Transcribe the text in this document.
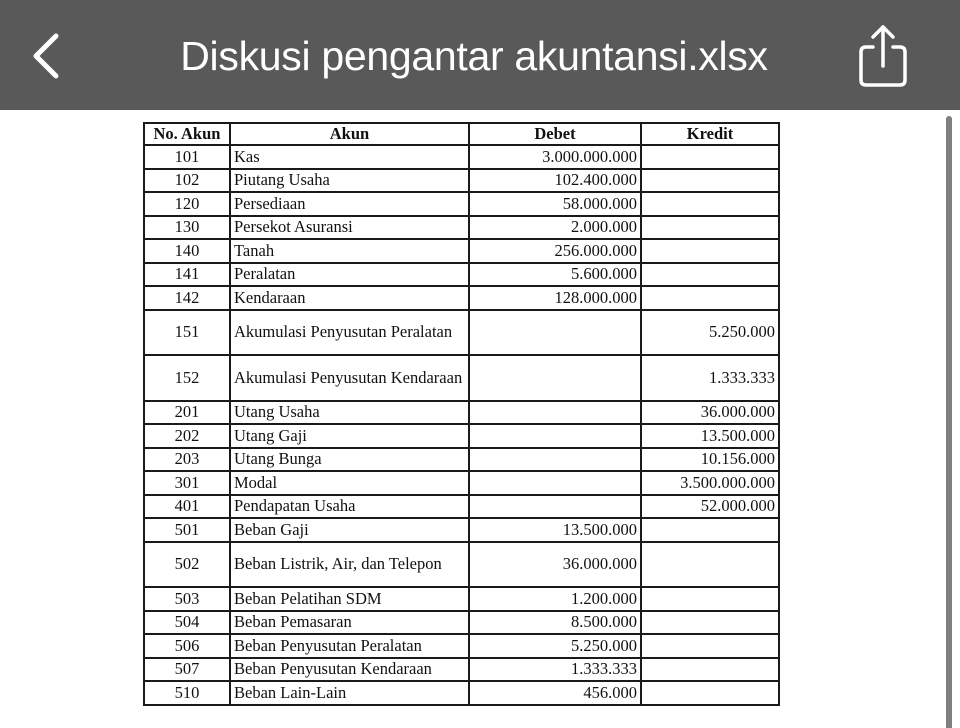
Diskusi pengantar akuntansi.xlsx
No. Akun	Akun	Debet	Kredit
101	Kas	3.000.000.000	
102	Piutang Usaha	102.400.000	
120	Persediaan	58.000.000	
130	Persekot Asuransi	2.000.000	
140	Tanah	256.000.000	
141	Peralatan	5.600.000	
142	Kendaraan	128.000.000	
151	Akumulasi Penyusutan Peralatan		5.250.000
152	Akumulasi Penyusutan Kendaraan		1.333.333
201	Utang Usaha		36.000.000
202	Utang Gaji		13.500.000
203	Utang Bunga		10.156.000
301	Modal		3.500.000.000
401	Pendapatan Usaha		52.000.000
501	Beban Gaji	13.500.000	
502	Beban Listrik, Air, dan Telepon	36.000.000	
503	Beban Pelatihan SDM	1.200.000	
504	Beban Pemasaran	8.500.000	
506	Beban Penyusutan Peralatan	5.250.000	
507	Beban Penyusutan Kendaraan	1.333.333	
510	Beban Lain-Lain	456.000	
